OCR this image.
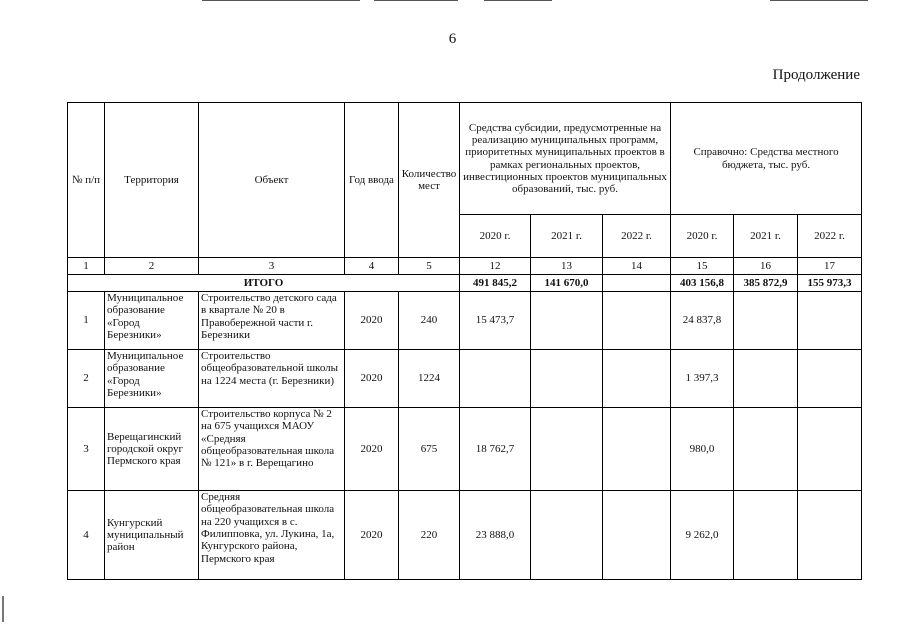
6
Продолжение
№ п/п	Территория	Объект	Год ввода	Количество мест	Средства субсидии, предусмотренные на реализацию муниципальных программ, приоритетных муниципальных проектов в рамках региональных проектов, инвестиционных проектов муниципальных образований, тыс. руб.			Справочно: Средства местного бюджета, тыс. руб.		
					2020 г.	2021 г.	2022 г.	2020 г.	2021 г.	2022 г.
1	2	3	4	5	12	13	14	15	16	17
ИТОГО					491 845,2	141 670,0		403 156,8	385 872,9	155 973,3
1	Муниципальное образование «Город Березники»	Строительство детского сада в квартале № 20 в Правобережной части г. Березники	2020	240	15 473,7			24 837,8		
2	Муниципальное образование «Город Березники»	Строительство общеобразовательной школы на 1224 места (г. Березники)	2020	1224				1 397,3		
3	Верещагинский городской округ Пермского края	Строительство корпуса № 2 на 675 учащихся МАОУ «Средняя общеобразовательная школа № 121» в г. Верещагино	2020	675	18 762,7			980,0		
4	Кунгурский муниципальный район	Средняя общеобразовательная школа на 220 учащихся в с. Филипповка, ул. Лукина, 1а, Кунгурского района, Пермского края	2020	220	23 888,0			9 262,0		
